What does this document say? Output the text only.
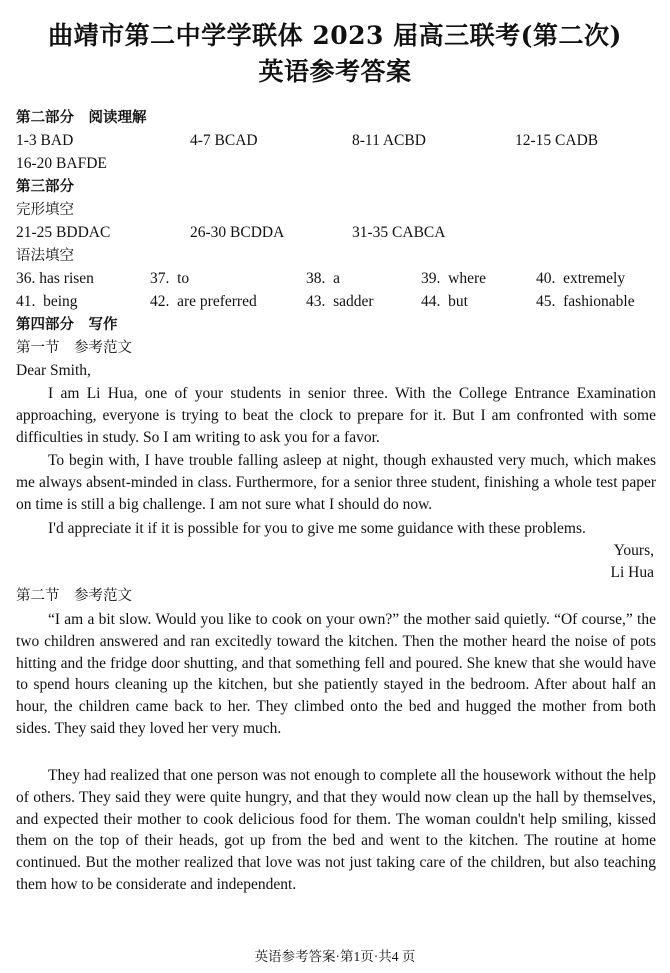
曲靖市第二中学学联体 2023 届高三联考(第二次)
英语参考答案
第二部分　阅读理解
1-3 BAD	4-7 BCAD	8-11 ACBD	12-15 CADB
16-20 BAFDE
第三部分
完形填空
21-25 BDDAC	26-30 BCDDA	31-35 CABCA
语法填空
36. has risen	37. to	38. a	39. where	40. extremely
41. being	42. are preferred	43. sadder	44. but	45. fashionable
第四部分　写作
第一节　参考范文
Dear Smith,
I am Li Hua, one of your students in senior three. With the College Entrance Examination approaching, everyone is trying to beat the clock to prepare for it. But I am confronted with some difficulties in study. So I am writing to ask you for a favor.
To begin with, I have trouble falling asleep at night, though exhausted very much, which makes me always absent-minded in class. Furthermore, for a senior three student, finishing a whole test paper on time is still a big challenge. I am not sure what I should do now.
I'd appreciate it if it is possible for you to give me some guidance with these problems.
Yours,
Li Hua
第二节　参考范文
“I am a bit slow. Would you like to cook on your own?” the mother said quietly. “Of course,” the two children answered and ran excitedly toward the kitchen. Then the mother heard the noise of pots hitting and the fridge door shutting, and that something fell and poured. She knew that she would have to spend hours cleaning up the kitchen, but she patiently stayed in the bedroom. After about half an hour, the children came back to her. They climbed onto the bed and hugged the mother from both sides. They said they loved her very much.
They had realized that one person was not enough to complete all the housework without the help of others. They said they were quite hungry, and that they would now clean up the hall by themselves, and expected their mother to cook delicious food for them. The woman couldn't help smiling, kissed them on the top of their heads, got up from the bed and went to the kitchen. The routine at home continued. But the mother realized that love was not just taking care of the children, but also teaching them how to be considerate and independent.
英语参考答案·第1页·共4 页
